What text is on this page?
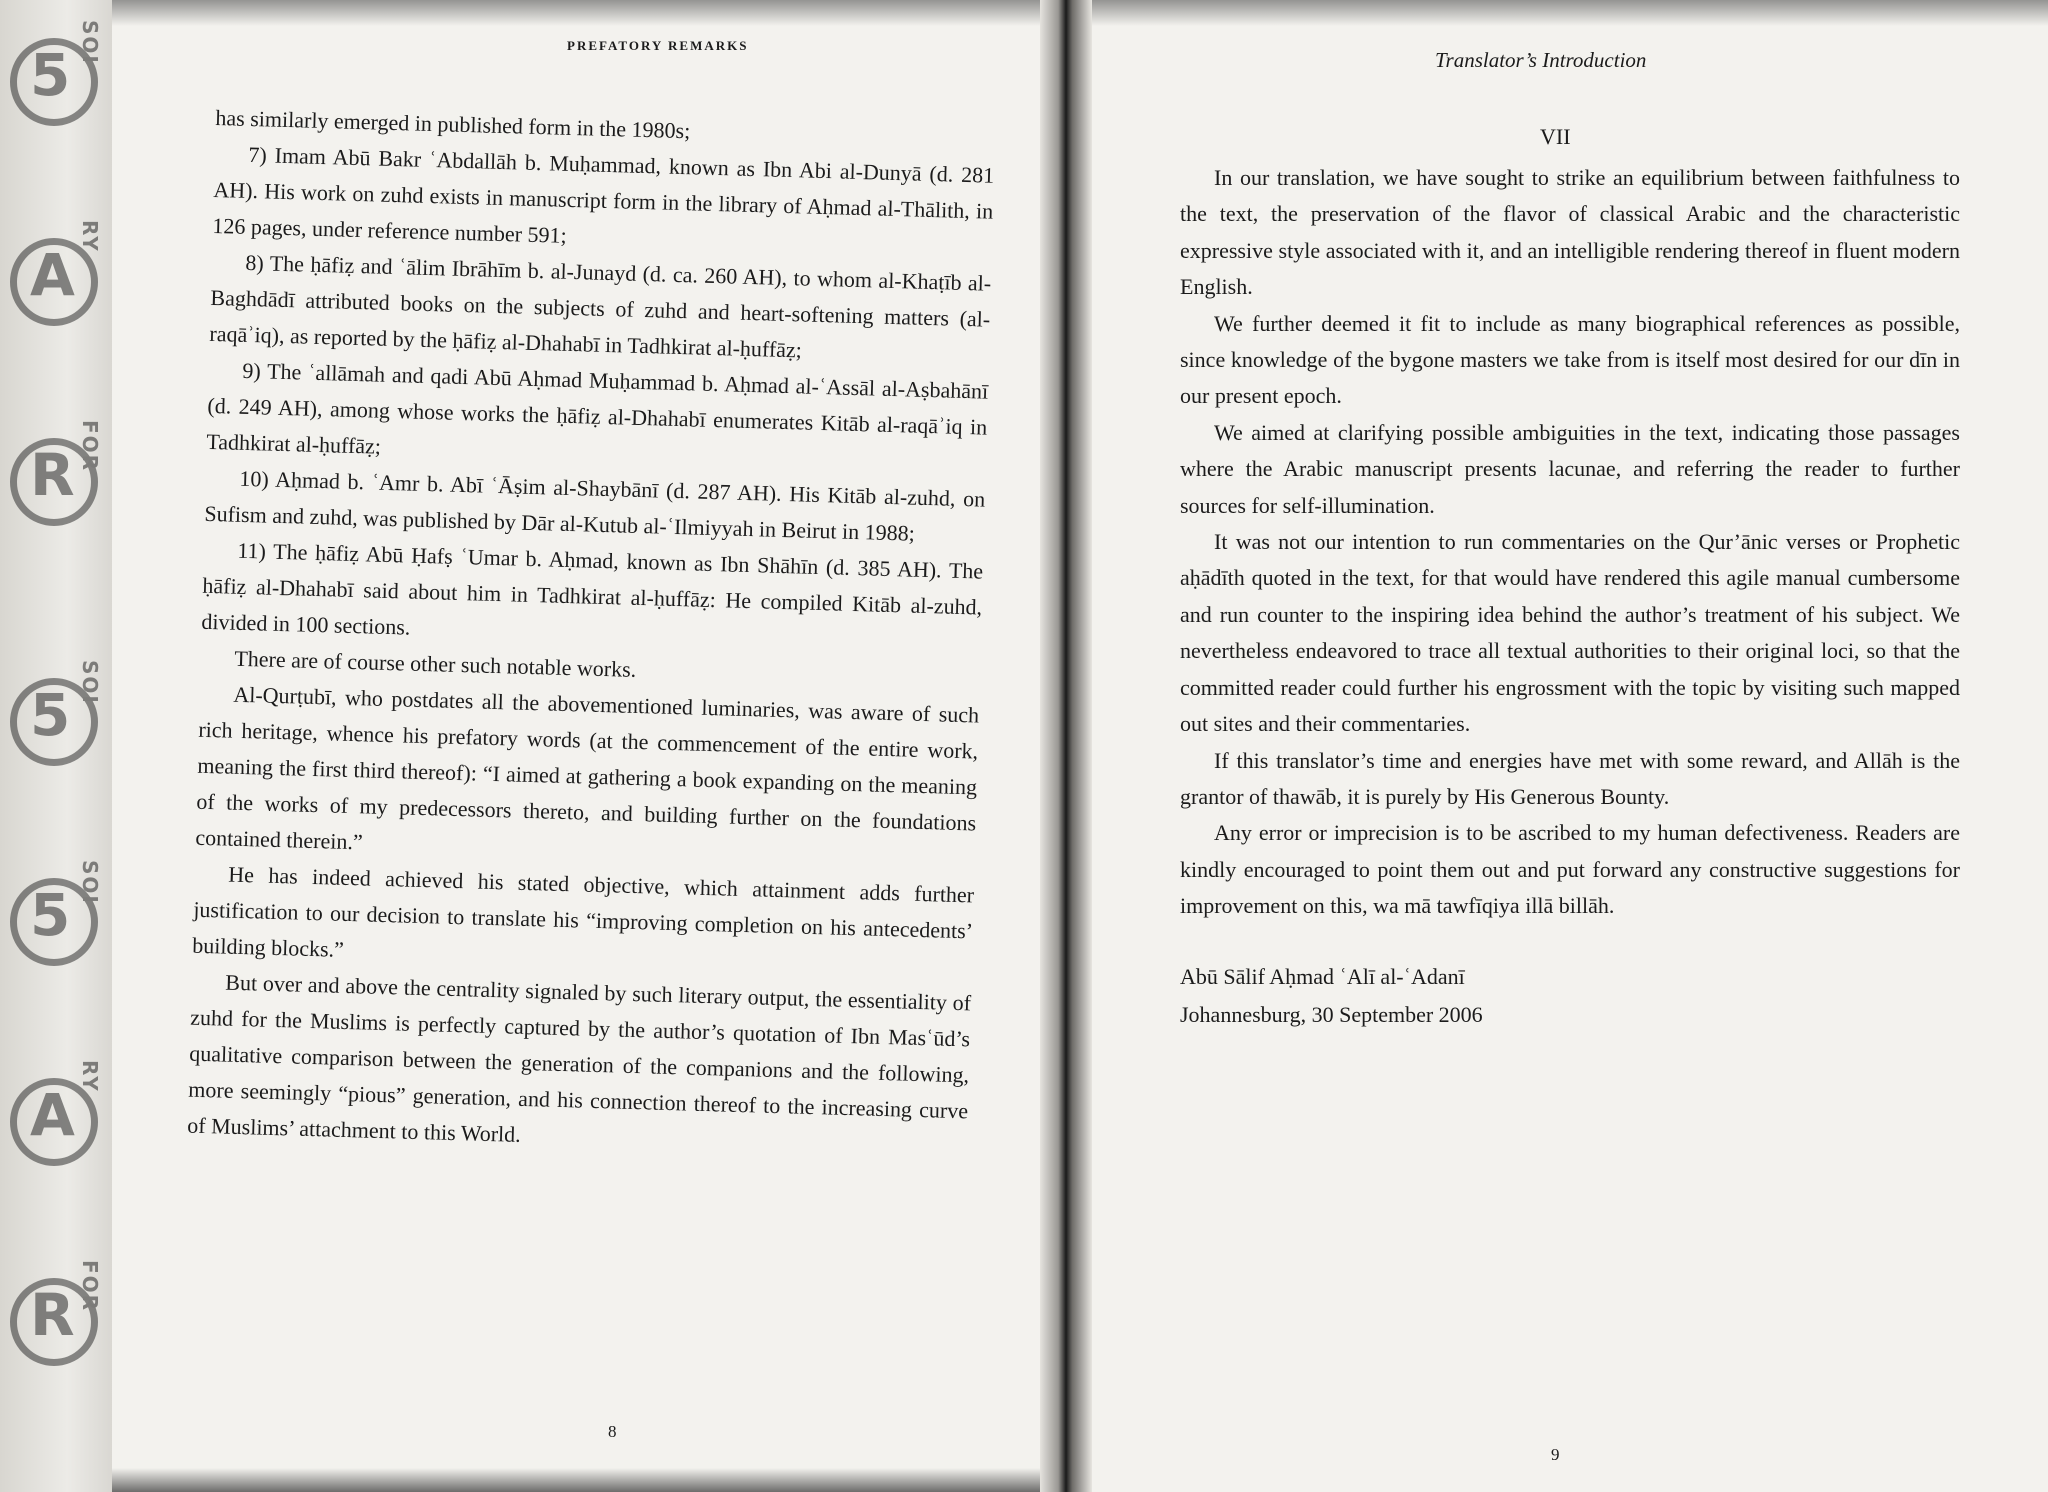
5 SOI
A
RY
R FOR
5 SOI
5 SOI
A
RY
R FOR
PREFATORY REMARKS

has similarly emerged in published form in the 1980s;

7) Imam Abū Bakr ʿAbdallāh b. Muḥammad, known as Ibn Abi al-Dunyā (d. 281 AH). His work on zuhd exists in manuscript form in the library of Aḥmad al-Thālith, in 126 pages, under reference number 591;

8) The ḥāfiẓ and ʿālim Ibrāhīm b. al-Junayd (d. ca. 260 AH), to whom al-Khaṭīb al-Baghdādī attributed books on the subjects of zuhd and heart-softening matters (al-raqāʾiq), as reported by the ḥāfiẓ al-Dhahabī in Tadhkirat al-ḥuffāẓ;

9) The ʿallāmah and qadi Abū Aḥmad Muḥammad b. Aḥmad al-ʿAssāl al-Aṣbahānī (d. 249 AH), among whose works the ḥāfiẓ al-Dhahabī enumerates Kitāb al-raqāʾiq in Tadhkirat al-ḥuffāẓ;

10) Aḥmad b. ʿAmr b. Abī ʿĀṣim al-Shaybānī (d. 287 AH). His Kitāb al-zuhd, on Sufism and zuhd, was published by Dār al-Kutub al-ʿIlmiyyah in Beirut in 1988;

11) The ḥāfiẓ Abū Ḥafṣ ʿUmar b. Aḥmad, known as Ibn Shāhīn (d. 385 AH). The ḥāfiẓ al-Dhahabī said about him in Tadhkirat al-ḥuffāẓ: He compiled Kitāb al-zuhd, divided in 100 sections.

There are of course other such notable works.

Al-Qurṭubī, who postdates all the abovementioned luminaries, was aware of such rich heritage, whence his prefatory words (at the commencement of the entire work, meaning the first third thereof): “I aimed at gathering a book expanding on the meaning of the works of my predecessors thereto, and building further on the foundations contained therein.”

He has indeed achieved his stated objective, which attainment adds further justification to our decision to translate his “improving completion on his antecedents’ building blocks.”

But over and above the centrality signaled by such literary output, the essentiality of zuhd for the Muslims is perfectly captured by the author’s quotation of Ibn Masʿūd’s qualitative comparison between the generation of the companions and the following, more seemingly “pious” generation, and his connection thereof to the increasing curve of Muslims’ attachment to this World.

8
Translator’s Introduction
VII

In our translation, we have sought to strike an equilibrium between faithfulness to the text, the preservation of the flavor of classical Arabic and the characteristic expressive style associated with it, and an intelligible rendering thereof in fluent modern English.

We further deemed it fit to include as many biographical references as possible, since knowledge of the bygone masters we take from is itself most desired for our dīn in our present epoch.

We aimed at clarifying possible ambiguities in the text, indicating those passages where the Arabic manuscript presents lacunae, and referring the reader to further sources for self-illumination.

It was not our intention to run commentaries on the Qur’ānic verses or Prophetic aḥādīth quoted in the text, for that would have rendered this agile manual cumbersome and run counter to the inspiring idea behind the author’s treatment of his subject. We nevertheless endeavored to trace all textual authorities to their original loci, so that the committed reader could further his engrossment with the topic by visiting such mapped out sites and their commentaries.

If this translator’s time and energies have met with some reward, and Allāh is the grantor of thawāb, it is purely by His Generous Bounty.

Any error or imprecision is to be ascribed to my human defectiveness. Readers are kindly encouraged to point them out and put forward any constructive suggestions for improvement on this, wa mā tawfīqiya illā billāh.

Abū Sālif Aḥmad ʿAlī al-ʿAdanī
Johannesburg, 30 September 2006
9
